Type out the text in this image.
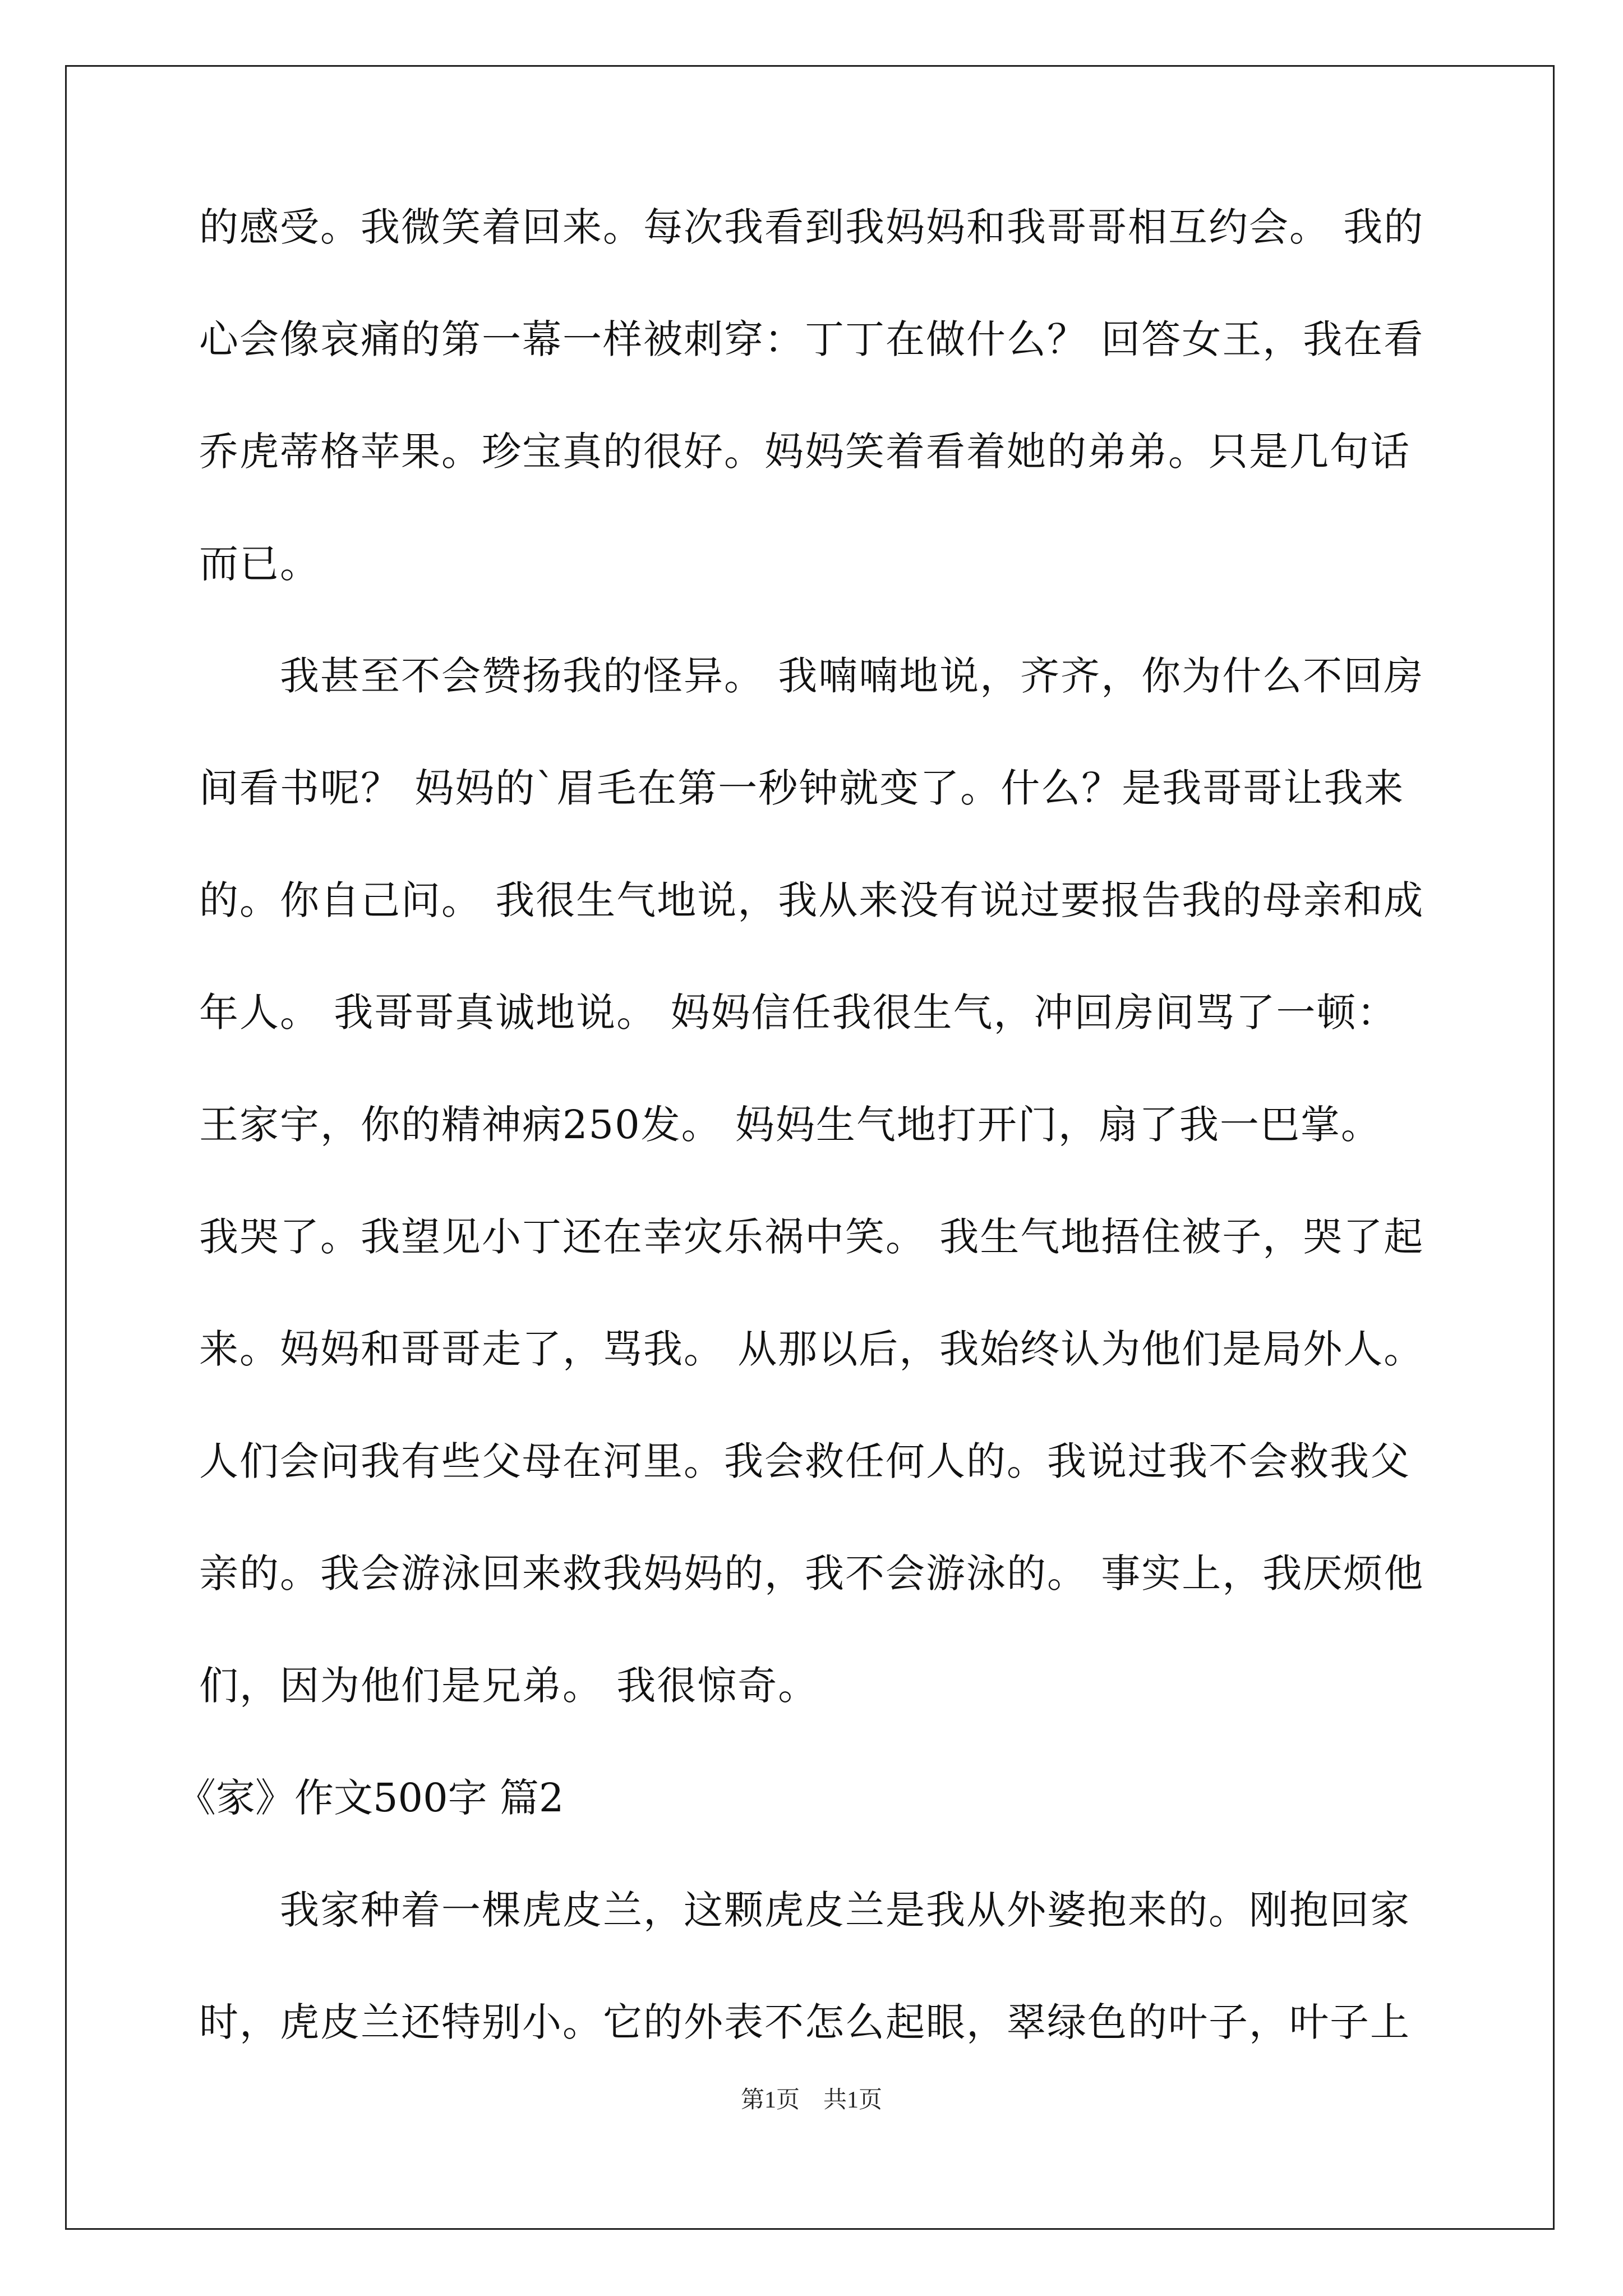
的感受。我微笑着回来。每次我看到我妈妈和我哥哥相互约会。 我的
心会像哀痛的第一幕一样被刺穿：丁丁在做什么？ 回答女王，我在看
乔虎蒂格苹果。珍宝真的很好。妈妈笑着看着她的弟弟。只是几句话
而已。
　　我甚至不会赞扬我的怪异。 我喃喃地说，齐齐，你为什么不回房
间看书呢？ 妈妈的`眉毛在第一秒钟就变了。什么？是我哥哥让我来
的。你自己问。 我很生气地说，我从来没有说过要报告我的母亲和成
年人。 我哥哥真诚地说。 妈妈信任我很生气，冲回房间骂了一顿：
王家宇，你的精神病250发。 妈妈生气地打开门，扇了我一巴掌。
我哭了。我望见小丁还在幸灾乐祸中笑。 我生气地捂住被子，哭了起
来。妈妈和哥哥走了，骂我。 从那以后，我始终认为他们是局外人。
人们会问我有些父母在河里。我会救任何人的。我说过我不会救我父
亲的。我会游泳回来救我妈妈的，我不会游泳的。 事实上，我厌烦他
们，因为他们是兄弟。 我很惊奇。
《家》作文500字 篇2
　　我家种着一棵虎皮兰，这颗虎皮兰是我从外婆抱来的。刚抱回家
时，虎皮兰还特别小。它的外表不怎么起眼，翠绿色的叶子，叶子上
第1页　共1页
